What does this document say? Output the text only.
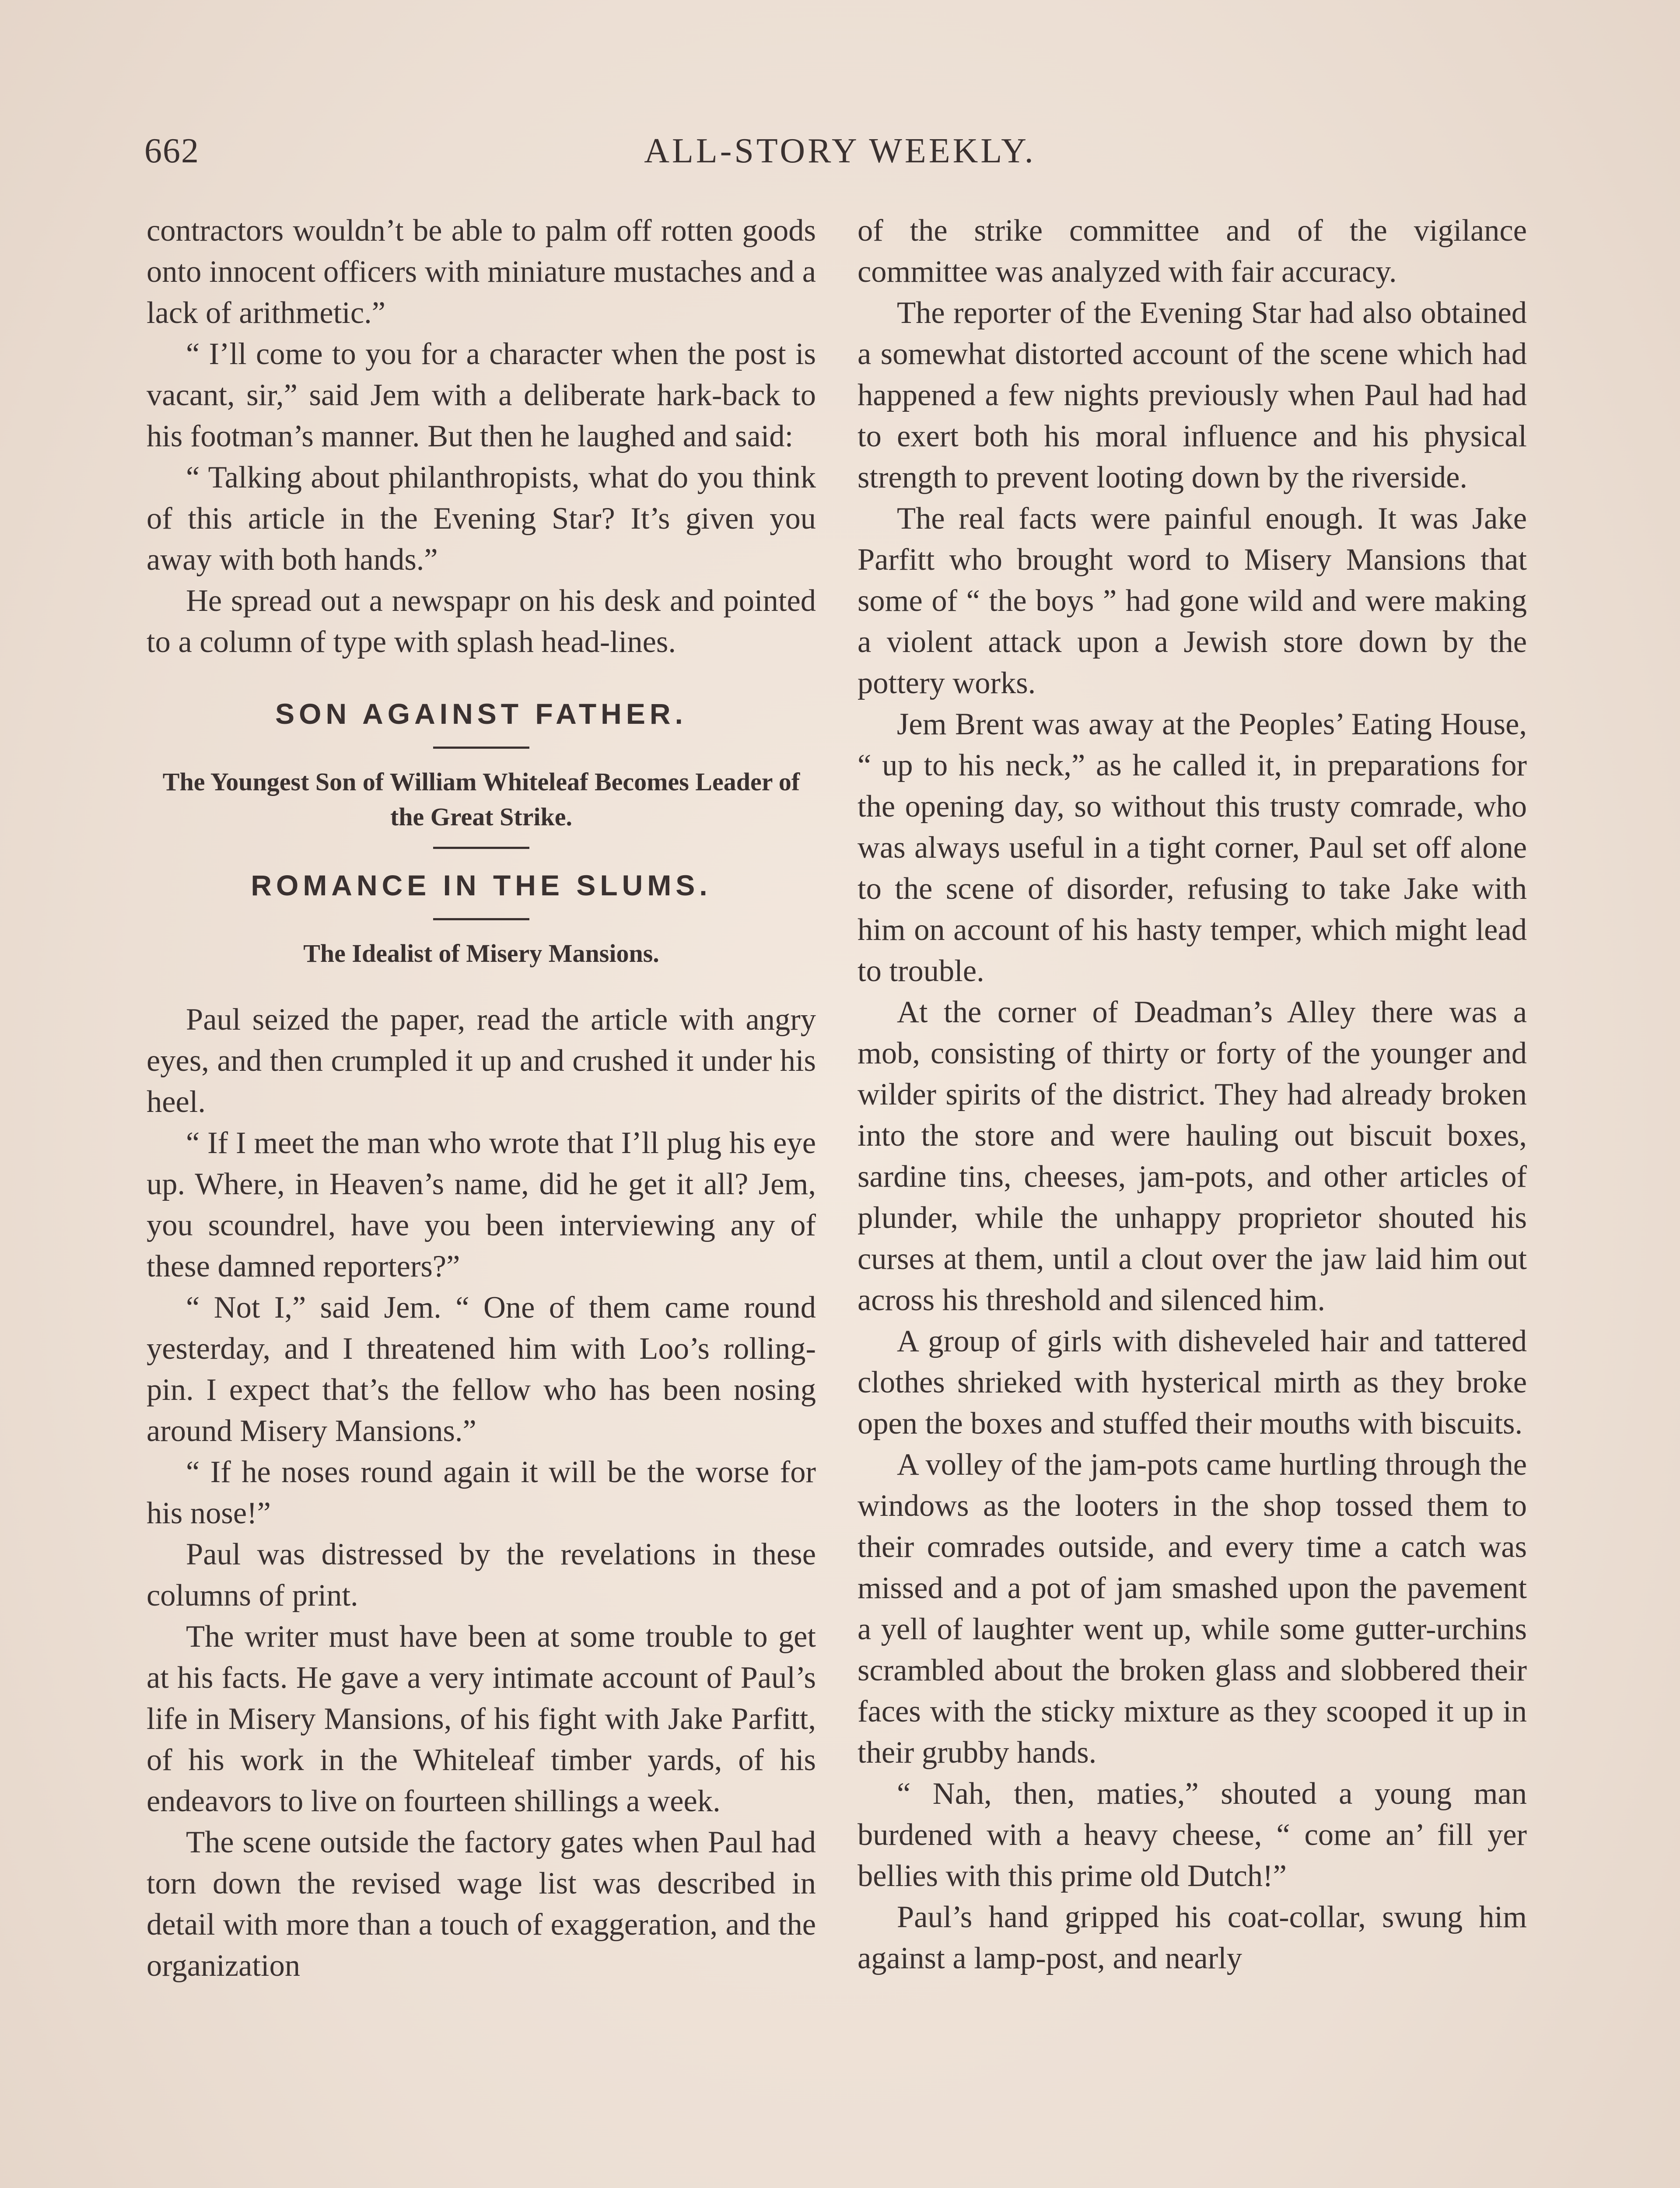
662	ALL-STORY WEEKLY.

contractors wouldn’t be able to palm off rotten goods onto innocent officers with miniature mustaches and a lack of arithmetic.”

“ I’ll come to you for a character when the post is vacant, sir,” said Jem with a deliberate hark-back to his footman’s manner. But then he laughed and said:

“ Talking about philanthropists, what do you think of this article in the Evening Star? It’s given you away with both hands.”

He spread out a newspapr on his desk and pointed to a column of type with splash head-lines.

SON AGAINST FATHER.
The Youngest Son of William Whiteleaf Becomes Leader of the Great Strike.
ROMANCE IN THE SLUMS.
The Idealist of Misery Mansions.

Paul seized the paper, read the article with angry eyes, and then crumpled it up and crushed it under his heel.

“ If I meet the man who wrote that I’ll plug his eye up. Where, in Heaven’s name, did he get it all? Jem, you scoundrel, have you been interviewing any of these damned reporters?”

“ Not I,” said Jem. “ One of them came round yesterday, and I threatened him with Loo’s rolling-pin. I expect that’s the fellow who has been nosing around Misery Mansions.”

“ If he noses round again it will be the worse for his nose!”

Paul was distressed by the revelations in these columns of print.

The writer must have been at some trouble to get at his facts. He gave a very intimate account of Paul’s life in Misery Mansions, of his fight with Jake Parfitt, of his work in the Whiteleaf timber yards, of his endeavors to live on fourteen shillings a week.

The scene outside the factory gates when Paul had torn down the revised wage list was described in detail with more than a touch of exaggeration, and the organization

of the strike committee and of the vigilance committee was analyzed with fair accuracy.

The reporter of the Evening Star had also obtained a somewhat distorted account of the scene which had happened a few nights previously when Paul had had to exert both his moral influence and his physical strength to prevent looting down by the riverside.

The real facts were painful enough. It was Jake Parfitt who brought word to Misery Mansions that some of “ the boys ” had gone wild and were making a violent attack upon a Jewish store down by the pottery works.

Jem Brent was away at the Peoples’ Eating House, “ up to his neck,” as he called it, in preparations for the opening day, so without this trusty comrade, who was always useful in a tight corner, Paul set off alone to the scene of disorder, refusing to take Jake with him on account of his hasty temper, which might lead to trouble.

At the corner of Deadman’s Alley there was a mob, consisting of thirty or forty of the younger and wilder spirits of the district. They had already broken into the store and were hauling out biscuit boxes, sardine tins, cheeses, jam-pots, and other articles of plunder, while the unhappy proprietor shouted his curses at them, until a clout over the jaw laid him out across his threshold and silenced him.

A group of girls with disheveled hair and tattered clothes shrieked with hysterical mirth as they broke open the boxes and stuffed their mouths with biscuits.

A volley of the jam-pots came hurtling through the windows as the looters in the shop tossed them to their comrades outside, and every time a catch was missed and a pot of jam smashed upon the pavement a yell of laughter went up, while some gutter-urchins scrambled about the broken glass and slobbered their faces with the sticky mixture as they scooped it up in their grubby hands.

“ Nah, then, maties,” shouted a young man burdened with a heavy cheese, “ come an’ fill yer bellies with this prime old Dutch!”

Paul’s hand gripped his coat-collar, swung him against a lamp-post, and nearly
